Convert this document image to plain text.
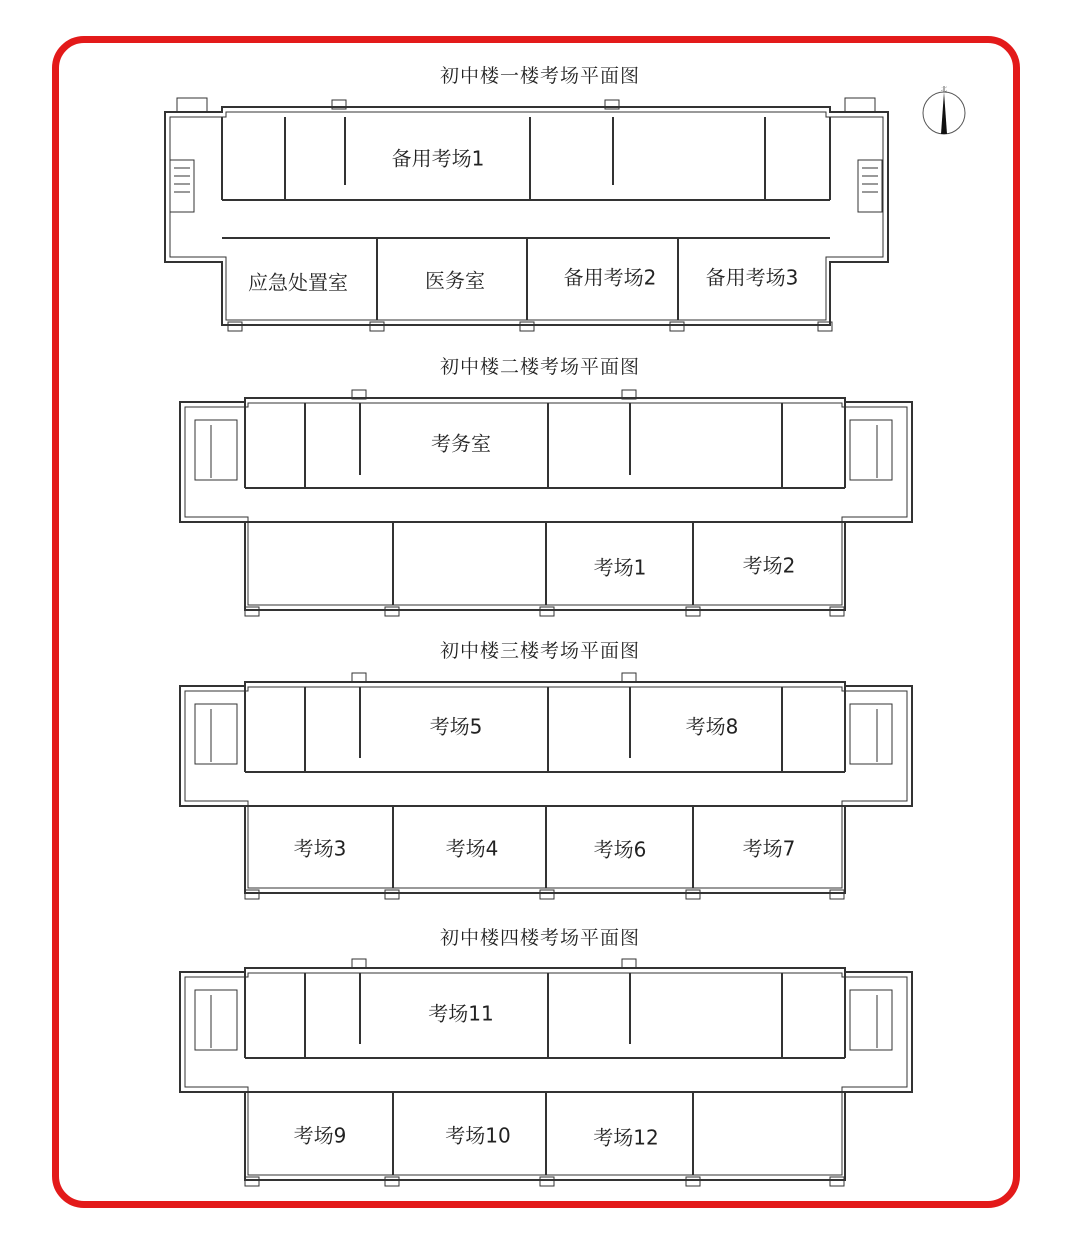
北
初中楼一楼考场平面图
初中楼二楼考场平面图
初中楼三楼考场平面图
初中楼四楼考场平面图
备用考场1
应急处置室	医务室	备用考场2 备用考场3
考务室
考场1	考场2
考场5	考场8
考场3	考场4	考场6	考场7
考场11
考场9	考场10	考场12
